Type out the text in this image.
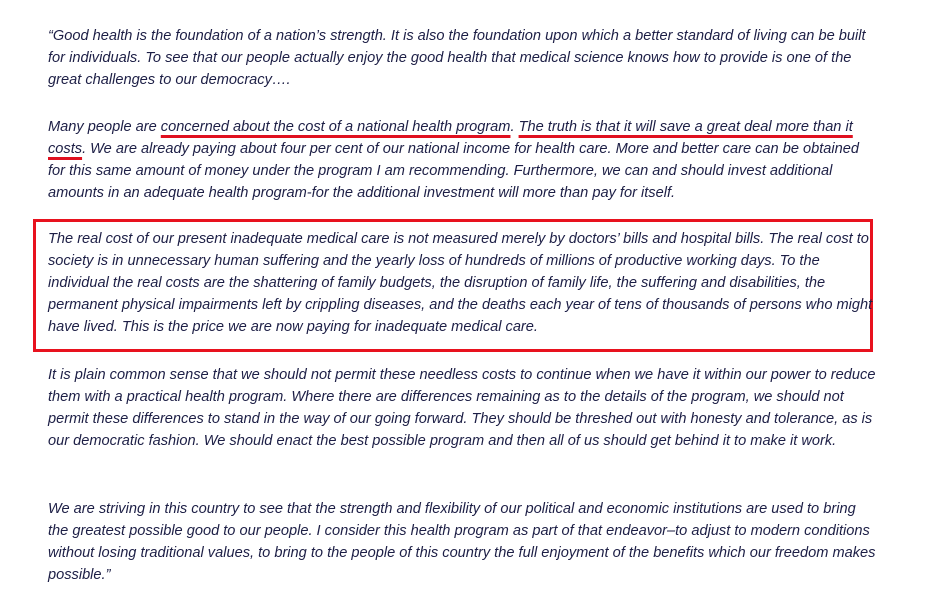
“Good health is the foundation of a nation’s strength. It is also the foundation upon which a better standard of living can be built for individuals. To see that our people actually enjoy the good health that medical science knows how to provide is one of the great challenges to our democracy….

Many people are concerned about the cost of a national health program. The truth is that it will save a great deal more than it costs. We are already paying about four per cent of our national income for health care. More and better care can be obtained for this same amount of money under the program I am recommending. Furthermore, we can and should invest additional amounts in an adequate health program-for the additional investment will more than pay for itself.

The real cost of our present inadequate medical care is not measured merely by doctors’ bills and hospital bills. The real cost to society is in unnecessary human suffering and the yearly loss of hundreds of millions of productive working days. To the individual the real costs are the shattering of family budgets, the disruption of family life, the suffering and disabilities, the permanent physical impairments left by crippling diseases, and the deaths each year of tens of thousands of persons who might have lived. This is the price we are now paying for inadequate medical care.

It is plain common sense that we should not permit these needless costs to continue when we have it within our power to reduce them with a practical health program. Where there are differences remaining as to the details of the program, we should not permit these differences to stand in the way of our going forward. They should be threshed out with honesty and tolerance, as is our democratic fashion. We should enact the best possible program and then all of us should get behind it to make it work.

We are striving in this country to see that the strength and flexibility of our political and economic institutions are used to bring the greatest possible good to our people. I consider this health program as part of that endeavor–to adjust to modern conditions without losing traditional values, to bring to the people of this country the full enjoyment of the benefits which our freedom makes possible.”
